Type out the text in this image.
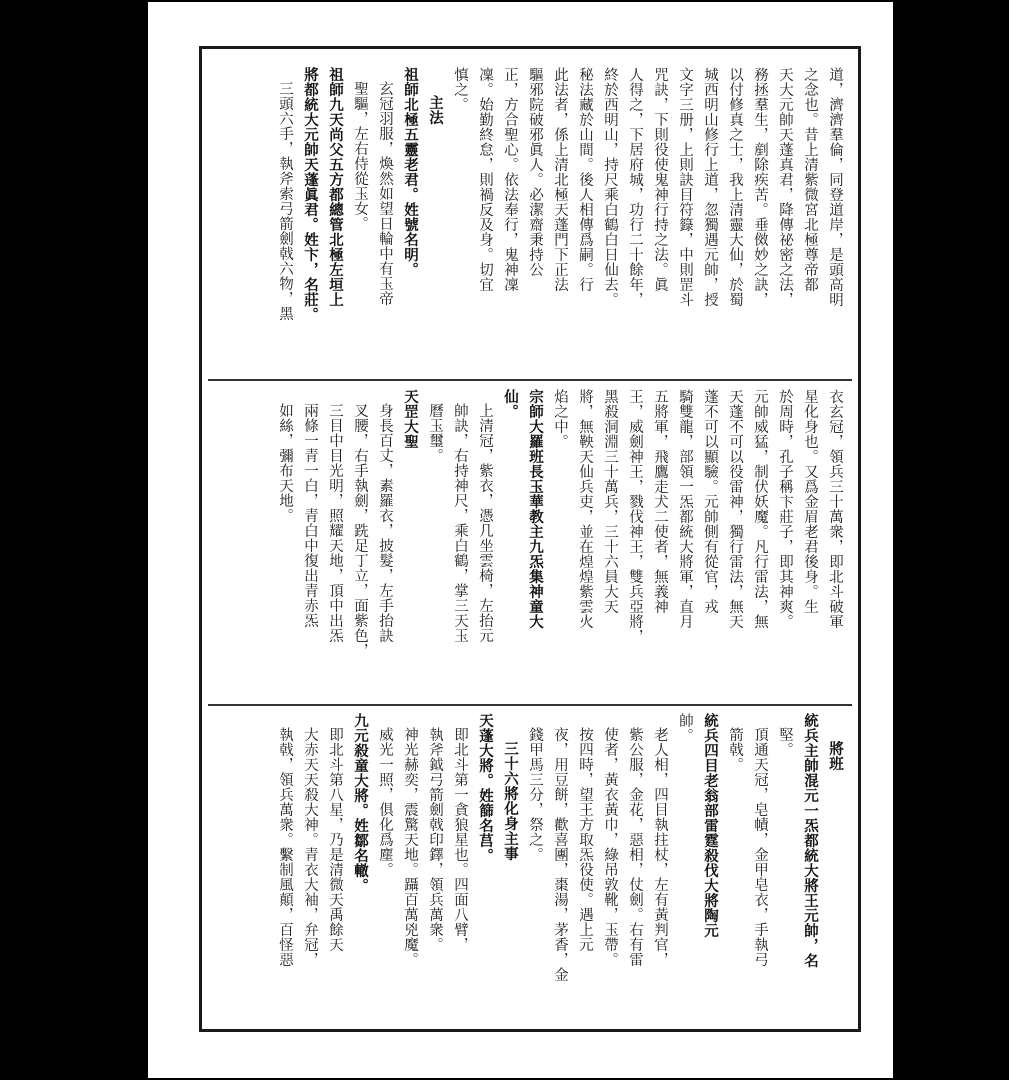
道，濟濟羣倫，同登道岸，是頭高明
之念也。昔上清紫微宮北極尊帝都
天大元帥天蓬真君，降傳祕密之法，
務拯羣生，剷除疾苦。垂傚妙之訣，
以付修真之士，我上清靈大仙，於蜀
城西明山修行上道，忽獨遇元帥，授
文字三册，上則訣目符籙，中則罡斗
咒訣，下則役使鬼神行持之法。眞
人得之，下居府城，功行二十餘年，
終於西明山，持尺乘白鶴白日仙去。
秘法藏於山間。後人相傳爲嗣。行
此法者，係上清北極天蓬門下正法
驅邪院破邪眞人。必潔齋秉持公
正，方合聖心。依法奉行，鬼神凜
凜。始勤終怠，則禍反及身。切宜
慎之。
主法
祖師北極五靈老君。姓號名明。
玄冠羽服，煥然如望日輪中有玉帝
聖驅，左右侍從玉女。
祖師九天尚父五方都總管北極左垣上
將都統大元帥天蓬眞君。姓卞，名莊。
三頭六手，執斧索弓箭劍戟六物，黑
衣玄冠，領兵三十萬衆，即北斗破軍
星化身也。又爲金眉老君後身。生
於周時，孔子稱卞莊子，即其神爽。
元帥威猛，制伏妖魔。凡行雷法，無
天蓬不可以役雷神，獨行雷法，無天
蓬不可以顯驗。元帥側有從官，戎
騎雙龍，部領一炁都統大將軍，直月
五將軍，飛鷹走犬二使者，無義神
王，威劍神王，戮伐神王，雙兵亞將，
黑殺洞淵三十萬兵，三十六員大天
將，無鞅天仙兵吏，並在煌煌紫雲火
焰之中。
宗師大羅班長玉華教主九炁集神童大
仙。
上清冠，紫衣，憑几坐雲椅，左抬元
帥訣，右持神尺，乘白鶴，掌三天玉
曆玉璽。
天罡大聖
身長百丈，素羅衣，披髮，左手抬訣
叉腰，右手執劍，跣足丁立，面紫色，
三目中目光明，照耀天地，頂中出炁
兩條一青一白，青白中復出青赤炁
如絲，彌布天地。
將班
統兵主帥混元一炁都統大將王元帥，名
堅。
頂通天冠，皂幘，金甲皂衣，手執弓
箭戟。
統兵四目老翁部雷霆殺伐大將陶元
帥。
老人相，四目執拄杖，左有黃判官，
紫公服，金花，惡相，仗劍。右有雷
使者，黃衣黃巾，綠吊敦靴，玉帶。
按四時，望王方取炁役使。遇上元
夜，用豆餅，歡喜團，棗湯，茅香，金
錢甲馬三分，祭之。
三十六將化身主事
天蓬大將。姓篩名莒。
即北斗第一貪狼星也。四面八臂，
執斧鉞弓箭劍戟印鐸，領兵萬衆。
神光赫奕，震驚天地。躡百萬兇魔。
威光一照，俱化爲塵。
九元殺童大將。姓鄒名轍。
即北斗第八星，乃是清微天禹餘天
大赤天天殺大神。青衣大袖，弁冠，
執戟，領兵萬衆。繫制風顛，百怪惡
